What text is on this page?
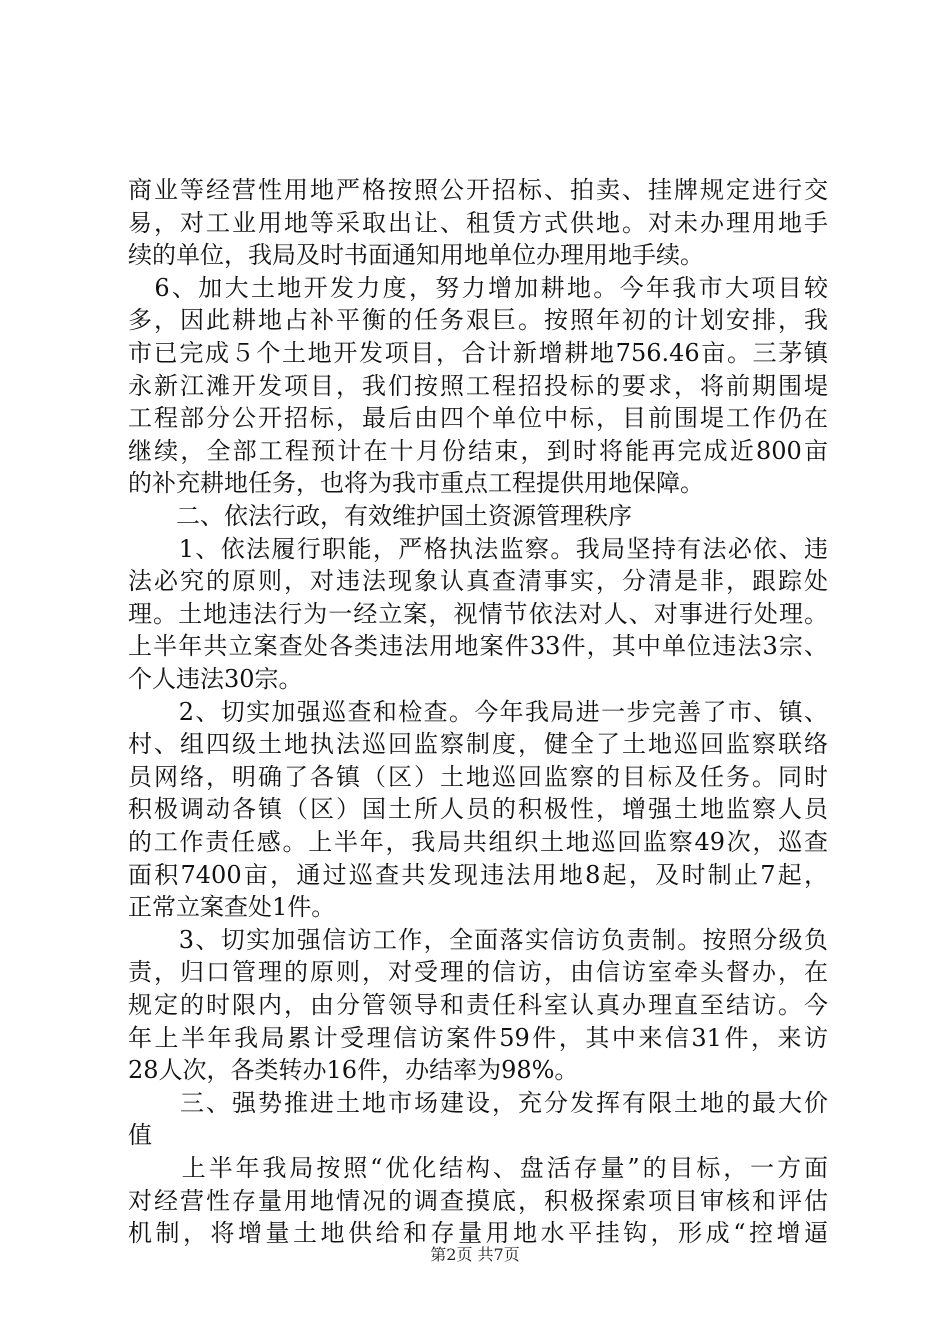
商业等经营性用地严格按照公开招标、拍卖、挂牌规定进行交
易，对工业用地等采取出让、租赁方式供地。对未办理用地手
续的单位，我局及时书面通知用地单位办理用地手续。
　6、加大土地开发力度，努力增加耕地。今年我市大项目较
多，因此耕地占补平衡的任务艰巨。按照年初的计划安排，我
市已完成５个土地开发项目，合计新增耕地756.46亩。三茅镇
永新江滩开发项目，我们按照工程招投标的要求，将前期围堤
工程部分公开招标，最后由四个单位中标，目前围堤工作仍在
继续，全部工程预计在十月份结束，到时将能再完成近800亩
的补充耕地任务，也将为我市重点工程提供用地保障。
　　二、依法行政，有效维护国土资源管理秩序
　　1、依法履行职能，严格执法监察。我局坚持有法必依、违
法必究的原则，对违法现象认真查清事实，分清是非，跟踪处
理。土地违法行为一经立案，视情节依法对人、对事进行处理。
上半年共立案查处各类违法用地案件33件，其中单位违法3宗、
个人违法30宗。
　　2、切实加强巡查和检查。今年我局进一步完善了市、镇、
村、组四级土地执法巡回监察制度，健全了土地巡回监察联络
员网络，明确了各镇（区）土地巡回监察的目标及任务。同时
积极调动各镇（区）国土所人员的积极性，增强土地监察人员
的工作责任感。上半年，我局共组织土地巡回监察49次，巡查
面积7400亩，通过巡查共发现违法用地8起，及时制止7起，
正常立案查处1件。
　　3、切实加强信访工作，全面落实信访负责制。按照分级负
责，归口管理的原则，对受理的信访，由信访室牵头督办，在
规定的时限内，由分管领导和责任科室认真办理直至结访。今
年上半年我局累计受理信访案件59件，其中来信31件，来访
28人次，各类转办16件，办结率为98%。
　　三、强势推进土地市场建设，充分发挥有限土地的最大价
值
　　上半年我局按照“优化结构、盘活存量”的目标，一方面
对经营性存量用地情况的调查摸底，积极探索项目审核和评估
机制，将增量土地供给和存量用地水平挂钩，形成“控增逼
第2页 共7页
